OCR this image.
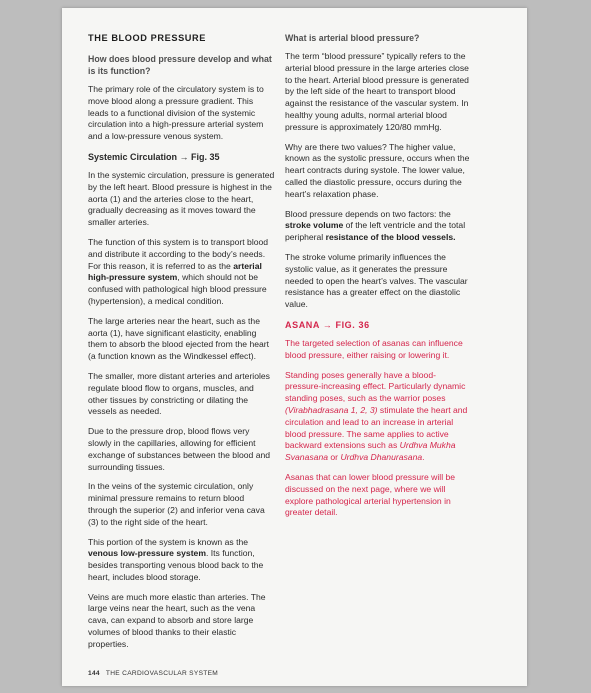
THE BLOOD PRESSURE
How does blood pressure develop and what is its function?

The primary role of the circulatory system is to move blood along a pressure gradient. This leads to a functional division of the systemic circulation into a high-pressure arterial system and a low-pressure venous system.

Systemic Circulation → Fig. 35

In the systemic circulation, pressure is generated by the left heart. Blood pressure is highest in the aorta (1) and the arteries close to the heart, gradually decreasing as it moves toward the smaller arteries.

The function of this system is to transport blood and distribute it according to the body’s needs. For this reason, it is referred to as the arterial high-pressure system, which should not be confused with pathological high blood pressure (hypertension), a medical condition.

The large arteries near the heart, such as the aorta (1), have significant elasticity, enabling them to absorb the blood ejected from the heart (a function known as the Windkessel effect).

The smaller, more distant arteries and arterioles regulate blood flow to organs, muscles, and other tissues by constricting or dilating the vessels as needed.

Due to the pressure drop, blood flows very slowly in the capillaries, allowing for efficient exchange of substances between the blood and surrounding tissues.

In the veins of the systemic circulation, only minimal pressure remains to return blood through the superior (2) and inferior vena cava (3) to the right side of the heart.

This portion of the system is known as the venous low-pressure system. Its function, besides transporting venous blood back to the heart, includes blood storage.

Veins are much more elastic than arteries. The large veins near the heart, such as the vena cava, can expand to absorb and store large volumes of blood thanks to their elastic properties.

What is arterial blood pressure?

The term “blood pressure” typically refers to the arterial blood pressure in the large arteries close to the heart. Arterial blood pressure is generated by the left side of the heart to transport blood against the resistance of the vascular system. In healthy young adults, normal arterial blood pressure is approximately 120/80 mmHg.

Why are there two values? The higher value, known as the systolic pressure, occurs when the heart contracts during systole. The lower value, called the diastolic pressure, occurs during the heart’s relaxation phase.

Blood pressure depends on two factors: the stroke volume of the left ventricle and the total peripheral resistance of the blood vessels.

The stroke volume primarily influences the systolic value, as it generates the pressure needed to open the heart’s valves. The vascular resistance has a greater effect on the diastolic value.

ASANA → FIG. 36

The targeted selection of asanas can influence blood pressure, either raising or lowering it.

Standing poses generally have a blood-pressure-increasing effect. Particularly dynamic standing poses, such as the warrior poses (Virabhadrasana 1, 2, 3) stimulate the heart and circulation and lead to an increase in arterial blood pressure. The same applies to active backward extensions such as Urdhva Mukha Svanasana or Urdhva Dhanurasana.

Asanas that can lower blood pressure will be discussed on the next page, where we will explore pathological arterial hypertension in greater detail.

144 THE CARDIOVASCULAR SYSTEM
